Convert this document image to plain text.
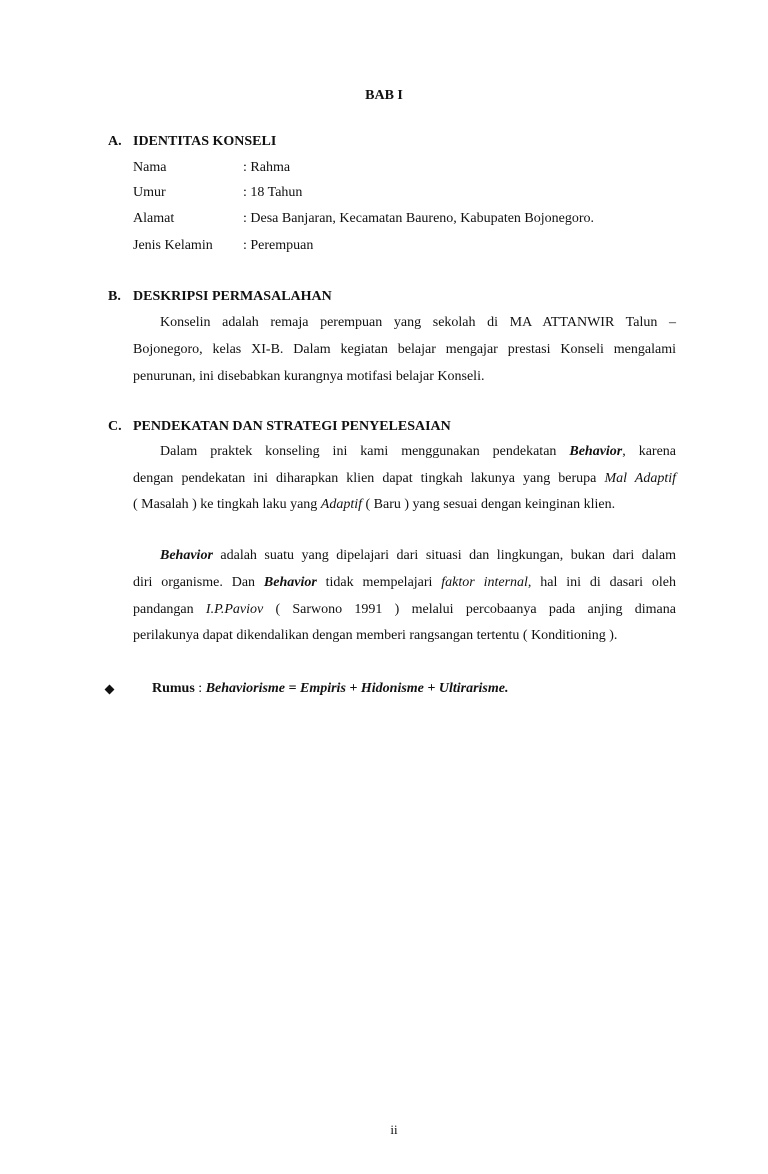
BAB I
A. IDENTITAS KONSELI
Nama	: Rahma
Umur	: 18 Tahun
Alamat	: Desa Banjaran, Kecamatan Baureno, Kabupaten Bojonegoro.
Jenis Kelamin : Perempuan
B. DESKRIPSI PERMASALAHAN
Konselin adalah remaja perempuan yang sekolah di MA ATTANWIR Talun –
Bojonegoro, kelas XI-B. Dalam kegiatan belajar mengajar prestasi Konseli mengalami
penurunan, ini disebabkan kurangnya motifasi belajar Konseli.
C. PENDEKATAN DAN STRATEGI PENYELESAIAN
Dalam praktek konseling ini kami menggunakan pendekatan Behavior, karena
dengan pendekatan ini diharapkan klien dapat tingkah lakunya yang berupa Mal Adaptif
( Masalah ) ke tingkah laku yang Adaptif ( Baru ) yang sesuai dengan keinginan klien.
Behavior adalah suatu yang dipelajari dari situasi dan lingkungan, bukan dari dalam
diri organisme. Dan Behavior tidak mempelajari faktor internal, hal ini di dasari oleh
pandangan I.P.Paviov ( Sarwono 1991 ) melalui percobaanya pada anjing dimana
perilakunya dapat dikendalikan dengan memberi rangsangan tertentu ( Konditioning ).
Rumus : Behaviorisme = Empiris + Hidonisme + Ultirarisme.
ii
